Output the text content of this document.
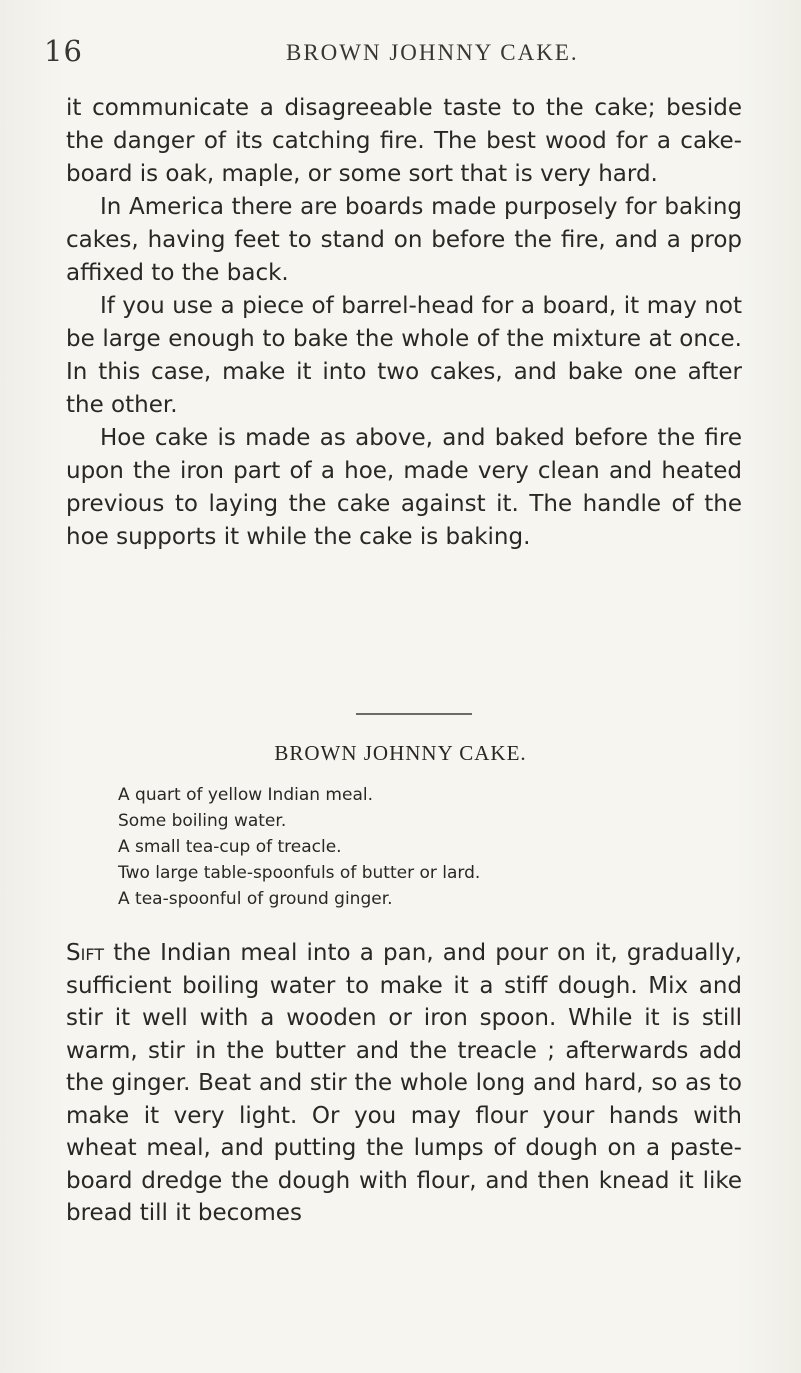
16	BROWN JOHNNY CAKE.

it communicate a disagreeable taste to the cake; beside the danger of its catching fire. The best wood for a cake-board is oak, maple, or some sort that is very hard.

In America there are boards made purposely for baking cakes, having feet to stand on before the fire, and a prop affixed to the back.

If you use a piece of barrel-head for a board, it may not be large enough to bake the whole of the mixture at once. In this case, make it into two cakes, and bake one after the other.

Hoe cake is made as above, and baked before the fire upon the iron part of a hoe, made very clean and heated previous to laying the cake against it. The handle of the hoe supports it while the cake is baking.

BROWN JOHNNY CAKE.
A quart of yellow Indian meal.
Some boiling water.
A small tea-cup of treacle.
Two large table-spoonfuls of butter or lard.
A tea-spoonful of ground ginger.

Sift the Indian meal into a pan, and pour on it, gradually, sufficient boiling water to make it a stiff dough. Mix and stir it well with a wooden or iron spoon. While it is still warm, stir in the butter and the treacle ; afterwards add the ginger. Beat and stir the whole long and hard, so as to make it very light. Or you may flour your hands with wheat meal, and putting the lumps of dough on a paste-board dredge the dough with flour, and then knead it like bread till it becomes
